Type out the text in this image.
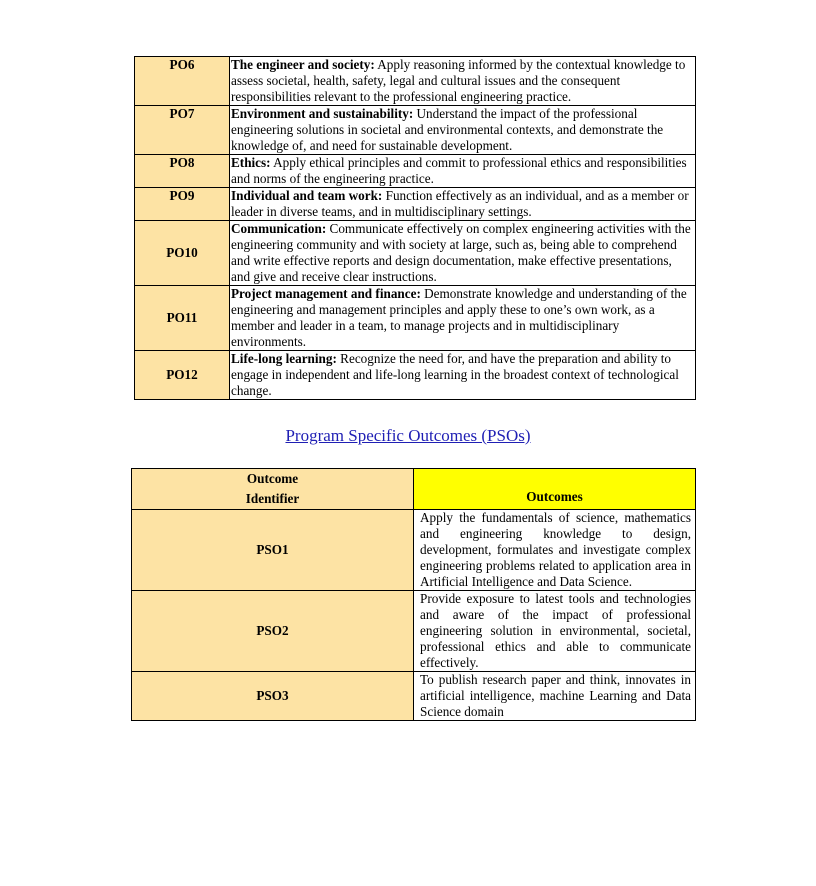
PO6	The engineer and society: Apply reasoning informed by the contextual knowledge to assess societal, health, safety, legal and cultural issues and the consequent responsibilities relevant to the professional engineering practice.
PO7	Environment and sustainability: Understand the impact of the professional engineering solutions in societal and environmental contexts, and demonstrate the knowledge of, and need for sustainable development.
PO8	Ethics: Apply ethical principles and commit to professional ethics and responsibilities and norms of the engineering practice.
PO9	Individual and team work: Function effectively as an individual, and as a member or leader in diverse teams, and in multidisciplinary settings.
PO10	Communication: Communicate effectively on complex engineering activities with the engineering community and with society at large, such as, being able to comprehend and write effective reports and design documentation, make effective presentations, and give and receive clear instructions.
PO11	Project management and finance: Demonstrate knowledge and understanding of the engineering and management principles and apply these to one’s own work, as a member and leader in a team, to manage projects and in multidisciplinary environments.
PO12	Life-long learning: Recognize the need for, and have the preparation and ability to engage in independent and life-long learning in the broadest context of technological change.
Program Specific Outcomes (PSOs)
Outcome
Identifier	Outcomes
PSO1	Apply the fundamentals of science, mathematics and engineering knowledge to design, development, formulates and investigate complex engineering problems related to application area in Artificial Intelligence and Data Science.
PSO2	Provide exposure to latest tools and technologies and aware of the impact of professional engineering solution in environmental, societal, professional ethics and able to communicate effectively.
PSO3	To publish research paper and think, innovates in artificial intelligence, machine Learning and Data Science domain
